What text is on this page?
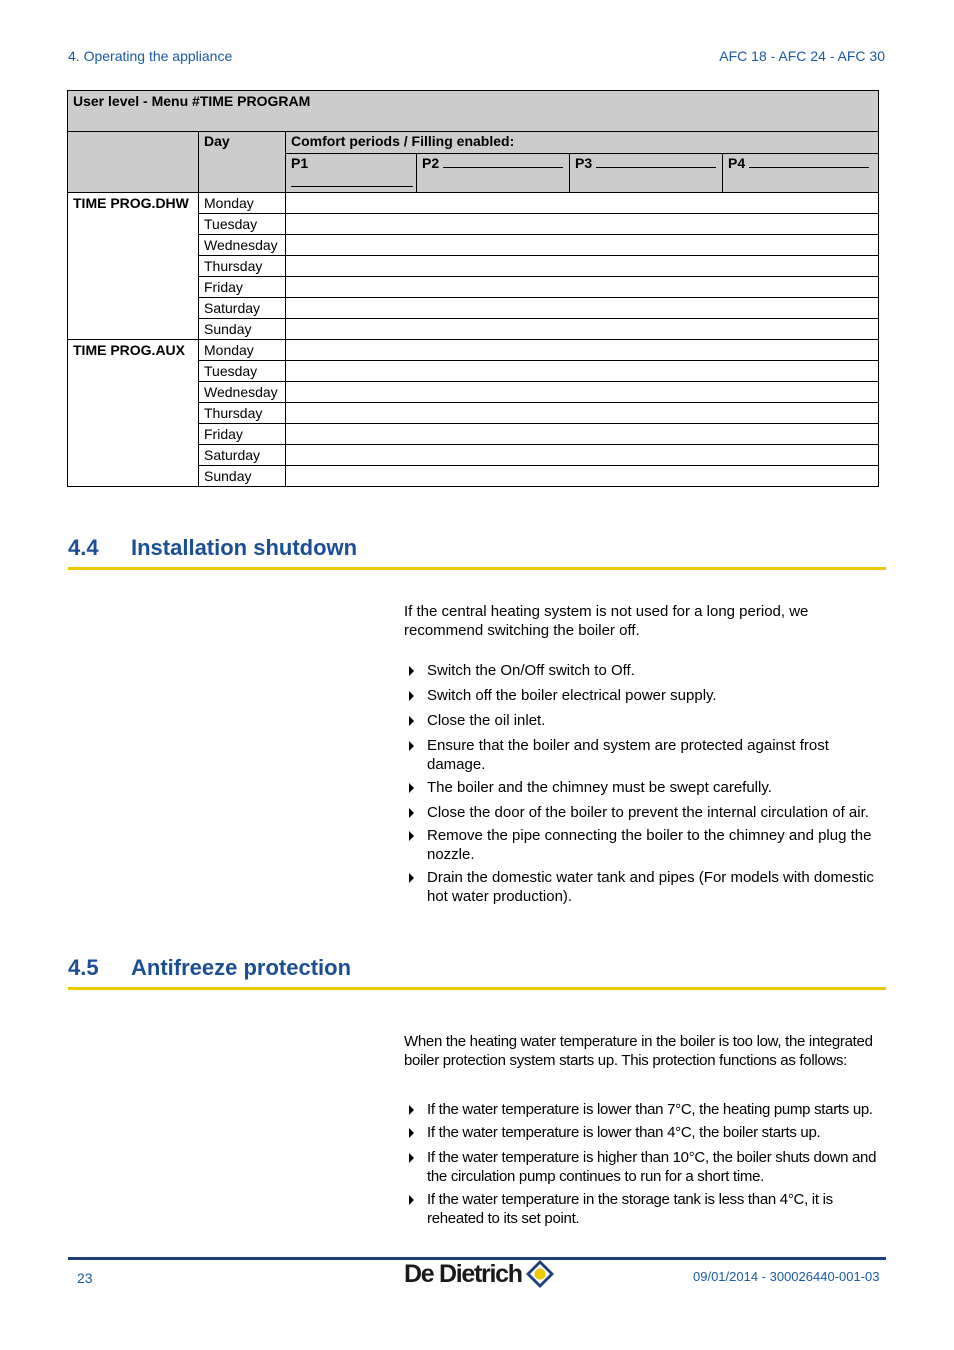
4. Operating the appliance	AFC 18 - AFC 24 - AFC 30
User level - Menu #TIME PROGRAM					
	Day	Comfort periods / Filling enabled:			
		P1	P2	P3	P4
TIME PROG.DHW	Monday				
	Tuesday				
	Wednesday				
	Thursday				
	Friday				
	Saturday				
	Sunday				
TIME PROG.AUX	Monday				
	Tuesday				
	Wednesday				
	Thursday				
	Friday				
	Saturday				
	Sunday				
4.4 Installation shutdown
If the central heating system is not used for a long period, we recommend switching the boiler off.
Switch the On/Off switch to Off.
Switch off the boiler electrical power supply.
Close the oil inlet.
Ensure that the boiler and system are protected against frost damage.
The boiler and the chimney must be swept carefully.
Close the door of the boiler to prevent the internal circulation of air.
Remove the pipe connecting the boiler to the chimney and plug the nozzle.
Drain the domestic water tank and pipes (For models with domestic hot water production).
4.5 Antifreeze protection
When the heating water temperature in the boiler is too low, the integrated boiler protection system starts up. This protection functions as follows:
If the water temperature is lower than 7°C, the heating pump starts up.
If the water temperature is lower than 4°C, the boiler starts up.
If the water temperature is higher than 10°C, the boiler shuts down and the circulation pump continues to run for a short time.
If the water temperature in the storage tank is less than 4°C, it is reheated to its set point.
23	De Dietrich	09/01/2014 - 300026440-001-03
